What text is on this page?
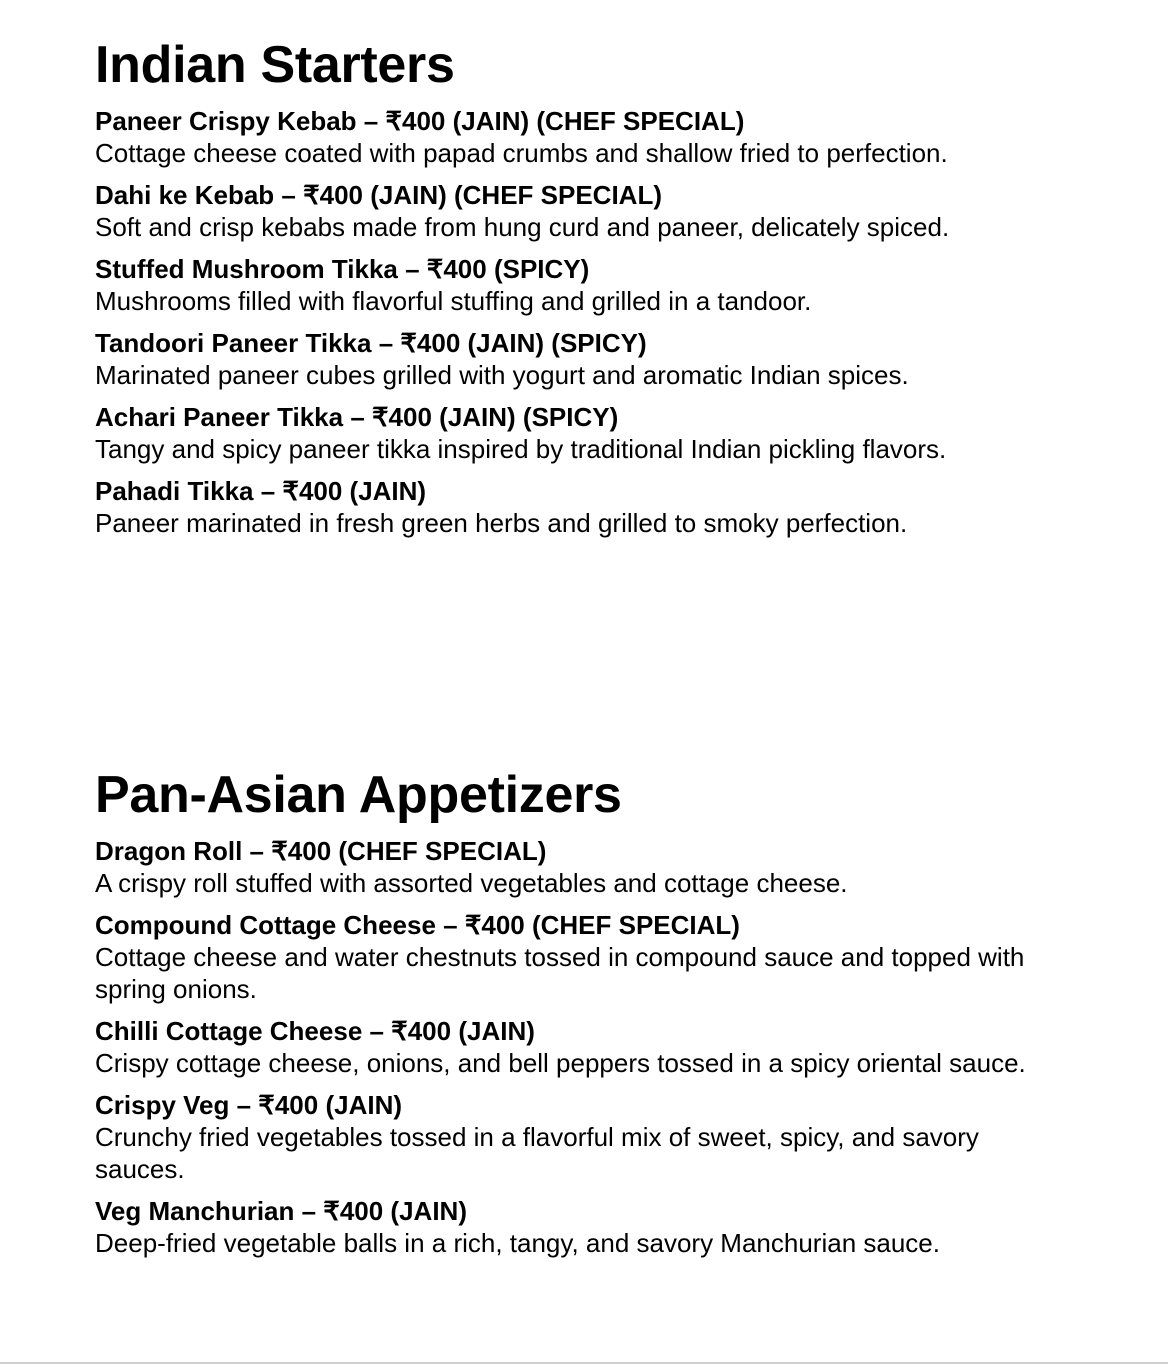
Indian Starters
Paneer Crispy Kebab – ₹400 (JAIN) (CHEF SPECIAL)
Cottage cheese coated with papad crumbs and shallow fried to perfection.
Dahi ke Kebab – ₹400 (JAIN) (CHEF SPECIAL)
Soft and crisp kebabs made from hung curd and paneer, delicately spiced.
Stuffed Mushroom Tikka – ₹400 (SPICY)
Mushrooms filled with flavorful stuffing and grilled in a tandoor.
Tandoori Paneer Tikka – ₹400 (JAIN) (SPICY)
Marinated paneer cubes grilled with yogurt and aromatic Indian spices.
Achari Paneer Tikka – ₹400 (JAIN) (SPICY)
Tangy and spicy paneer tikka inspired by traditional Indian pickling flavors.
Pahadi Tikka – ₹400 (JAIN)
Paneer marinated in fresh green herbs and grilled to smoky perfection.
Pan-Asian Appetizers
Dragon Roll – ₹400 (CHEF SPECIAL)
A crispy roll stuffed with assorted vegetables and cottage cheese.
Compound Cottage Cheese – ₹400 (CHEF SPECIAL)
Cottage cheese and water chestnuts tossed in compound sauce and topped with spring onions.
Chilli Cottage Cheese – ₹400 (JAIN)
Crispy cottage cheese, onions, and bell peppers tossed in a spicy oriental sauce.
Crispy Veg – ₹400 (JAIN)
Crunchy fried vegetables tossed in a flavorful mix of sweet, spicy, and savory sauces.
Veg Manchurian – ₹400 (JAIN)
Deep-fried vegetable balls in a rich, tangy, and savory Manchurian sauce.
